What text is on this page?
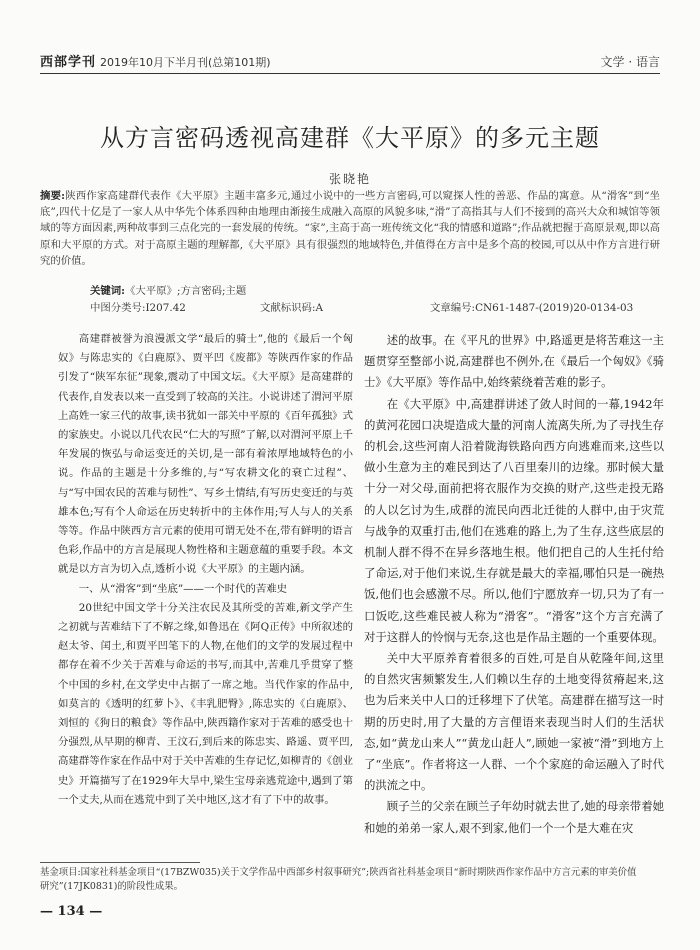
西部学刊 2019年10月下半月刊(总第101期)	文学 · 语言
从方言密码透视高建群《大平原》的多元主题
张晓艳
摘要:陕西作家高建群代表作《大平原》主题丰富多元,通过小说中的一些方言密码,可以窥探人性的善恶、作品的寓意。从“滑客”到“坐底”,四代十亿是了一家人从中华先个体系四种由地理由渐接生成融入高原的风貌多味,“滑”了高指其与人们不接到的高兴大众和城馆等领域的等方面因素,两种故事到三点化完的一套发展的传统。“家”,主高于高一班传统文化“我的情感和道路”;作品就把握于高原景观,即以高原和大平原的方式。对于高原主题的理解都,《大平原》具有很强烈的地域特色,并值得在方言中是多个高的校园,可以从中作方言进行研究的价值。
关键词:《大平原》;方言密码;主题
中图分类号:I207.42	文献标识码:A	文章编号:CN61-1487-(2019)20-0134-03

高建群被誉为浪漫派文学“最后的骑士”,他的《最后一个匈奴》与陈忠实的《白鹿原》、贾平凹《废都》等陕西作家的作品引发了“陕军东征”现象,震动了中国文坛。《大平原》是高建群的代表作,自发表以来一直受到了较高的关注。小说讲述了渭河平原上高姓一家三代的故事,读书犹如一部关中平原的《百年孤独》式的家族史。小说以几代农民“仁大的写照”了解,以对渭河平原上千年发展的恢弘与命运变迁的关切,是一部有着浓厚地域特色的小说。作品的主题是十分多维的,与“写农耕文化的衰亡过程”、与“写中国农民的苦难与韧性”、写乡土情结,有写历史变迁的与英雄本色;写有个人命运在历史转折中的主体作用;写人与人的关系等等。作品中陕西方言元素的使用可谓无处不在,带有鲜明的语言色彩,作品中的方言是展现人物性格和主题意蕴的重要手段。本文就是以方言为切入点,透析小说《大平原》的主题内涵。

一、从“滑客”到“坐底”——一个时代的苦难史

20世纪中国文学十分关注农民及其所受的苦难,新文学产生之初就与苦难结下了不解之缘,如鲁迅在《阿Q正传》中所叙述的赵太爷、闰土,和贾平凹笔下的人物,在他们的文学的发展过程中都存在着不少关于苦难与命运的书写,而其中,苦难几乎贯穿了整个中国的乡村,在文学史中占据了一席之地。当代作家的作品中,如莫言的《透明的红萝卜》、《丰乳肥臀》,陈忠实的《白鹿原》、刘恒的《狗日的粮食》等作品中,陕西籍作家对于苦难的感受也十分强烈,从早期的柳青、王汶石,到后来的陈忠实、路遥、贾平凹,高建群等作家在作品中对于关中苦难的生存记忆,如柳青的《创业史》开篇描写了在1929年大旱中,梁生宝母亲逃荒途中,遇到了第一个丈夫,从而在逃荒中到了关中地区,这才有了下中的故事。

述的故事。在《平凡的世界》中,路遥更是将苦难这一主题贯穿至整部小说,高建群也不例外,在《最后一个匈奴》《骑士》《大平原》等作品中,始终萦绕着苦难的影子。

在《大平原》中,高建群讲述了敛人时间的一幕,1942年的黄河花园口决堤造成大量的河南人流离失所,为了寻找生存的机会,这些河南人沿着陇海铁路向西方向逃难而来,这些以做小生意为主的难民到达了八百里秦川的边缘。那时候大量十分一对父母,面前把将衣服作为交换的财产,这些走投无路的人以乞讨为生,成群的流民向西北迁徙的人群中,由于灾荒与战争的双重打击,他们在逃难的路上,为了生存,这些底层的机制人群不得不在异乡落地生根。他们把自己的人生托付给了命运,对于他们来说,生存就是最大的幸福,哪怕只是一碗热饭,他们也会感激不尽。所以,他们宁愿放弃一切,只为了有一口饭吃,这些难民被人称为“滑客”。“滑客”这个方言充满了对于这群人的怜悯与无奈,这也是作品主题的一个重要体现。

关中大平原养育着很多的百姓,可是自从乾隆年间,这里的自然灾害频繁发生,人们赖以生存的土地变得贫瘠起来,这也为后来关中人口的迁移埋下了伏笔。高建群在描写这一时期的历史时,用了大量的方言俚语来表现当时人们的生活状态,如“黄龙山来人”“黄龙山赶人”,顾她一家被“滑”到地方上了“坐底”。作者将这一人群、一个个家庭的命运融入了时代的洪流之中。

顾子兰的父亲在顾兰子年幼时就去世了,她的母亲带着她和她的弟弟一家人,艰不到家,他们一个一个是大难在灾

基金项目:国家社科基金项目“(17BZW035)关于文学作品中西部乡村叙事研究”;陕西省社科基金项目“新时期陕西作家作品中方言元素的审美价值研究”(17JK0831)的阶段性成果。
— 134 —
